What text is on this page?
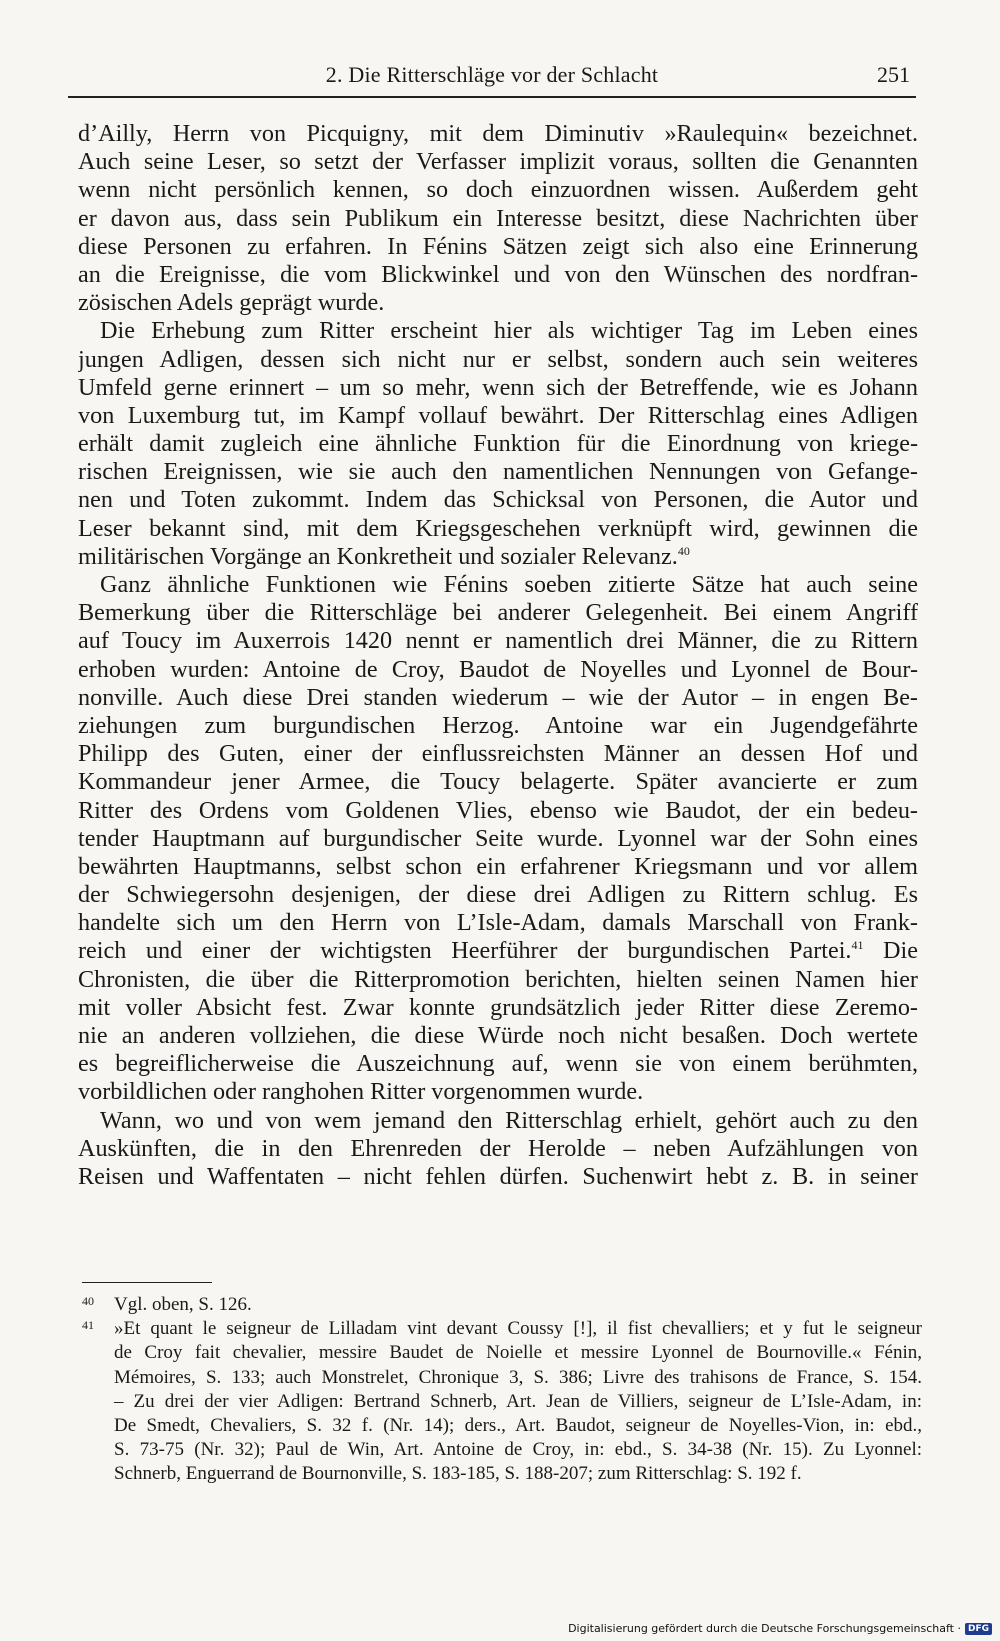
2. Die Ritterschläge vor der Schlacht	251
d’Ailly, Herrn von Picquigny, mit dem Diminutiv »Raulequin« bezeichnet.
Auch seine Leser, so setzt der Verfasser implizit voraus, sollten die Genannten
wenn nicht persönlich kennen, so doch einzuordnen wissen. Außerdem geht
er davon aus, dass sein Publikum ein Interesse besitzt, diese Nachrichten über
diese Personen zu erfahren. In Fénins Sätzen zeigt sich also eine Erinnerung
an die Ereignisse, die vom Blickwinkel und von den Wünschen des nordfran-
zösischen Adels geprägt wurde.
Die Erhebung zum Ritter erscheint hier als wichtiger Tag im Leben eines
jungen Adligen, dessen sich nicht nur er selbst, sondern auch sein weiteres
Umfeld gerne erinnert – um so mehr, wenn sich der Betreffende, wie es Johann
von Luxemburg tut, im Kampf vollauf bewährt. Der Ritterschlag eines Adligen
erhält damit zugleich eine ähnliche Funktion für die Einordnung von kriege-
rischen Ereignissen, wie sie auch den namentlichen Nennungen von Gefange-
nen und Toten zukommt. Indem das Schicksal von Personen, die Autor und
Leser bekannt sind, mit dem Kriegsgeschehen verknüpft wird, gewinnen die
militärischen Vorgänge an Konkretheit und sozialer Relevanz.$^{40}$
Ganz ähnliche Funktionen wie Fénins soeben zitierte Sätze hat auch seine
Bemerkung über die Ritterschläge bei anderer Gelegenheit. Bei einem Angriff
auf Toucy im Auxerrois 1420 nennt er namentlich drei Männer, die zu Rittern
erhoben wurden: Antoine de Croy, Baudot de Noyelles und Lyonnel de Bour-
nonville. Auch diese Drei standen wiederum – wie der Autor – in engen Be-
ziehungen zum burgundischen Herzog. Antoine war ein Jugendgefährte
Philipp des Guten, einer der einflussreichsten Männer an dessen Hof und
Kommandeur jener Armee, die Toucy belagerte. Später avancierte er zum
Ritter des Ordens vom Goldenen Vlies, ebenso wie Baudot, der ein bedeu-
tender Hauptmann auf burgundischer Seite wurde. Lyonnel war der Sohn eines
bewährten Hauptmanns, selbst schon ein erfahrener Kriegsmann und vor allem
der Schwiegersohn desjenigen, der diese drei Adligen zu Rittern schlug. Es
handelte sich um den Herrn von L’Isle-Adam, damals Marschall von Frank-
reich und einer der wichtigsten Heerführer der burgundischen Partei.$^{41}$ Die
Chronisten, die über die Ritterpromotion berichten, hielten seinen Namen hier
mit voller Absicht fest. Zwar konnte grundsätzlich jeder Ritter diese Zeremo-
nie an anderen vollziehen, die diese Würde noch nicht besaßen. Doch wertete
es begreiflicherweise die Auszeichnung auf, wenn sie von einem berühmten,
vorbildlichen oder ranghohen Ritter vorgenommen wurde.
Wann, wo und von wem jemand den Ritterschlag erhielt, gehört auch zu den
Auskünften, die in den Ehrenreden der Herolde – neben Aufzählungen von
Reisen und Waffentaten – nicht fehlen dürfen. Suchenwirt hebt z. B. in seiner
40 Vgl. oben, S. 126.
41 »Et quant le seigneur de Lilladam vint devant Coussy [!], il fist chevalliers; et y fut le seigneur
de Croy fait chevalier, messire Baudet de Noielle et messire Lyonnel de Bournoville.« Fénin,
Mémoires, S. 133; auch Monstrelet, Chronique 3, S. 386; Livre des trahisons de France, S. 154.
– Zu drei der vier Adligen: Bertrand Schnerb, Art. Jean de Villiers, seigneur de L’Isle-Adam, in:
De Smedt, Chevaliers, S. 32 f. (Nr. 14); ders., Art. Baudot, seigneur de Noyelles-Vion, in: ebd.,
S. 73-75 (Nr. 32); Paul de Win, Art. Antoine de Croy, in: ebd., S. 34-38 (Nr. 15). Zu Lyonnel:
Schnerb, Enguerrand de Bournonville, S. 183-185, S. 188-207; zum Ritterschlag: S. 192 f.
Digitalisierung gefördert durch die Deutsche Forschungsgemeinschaft · DFG
